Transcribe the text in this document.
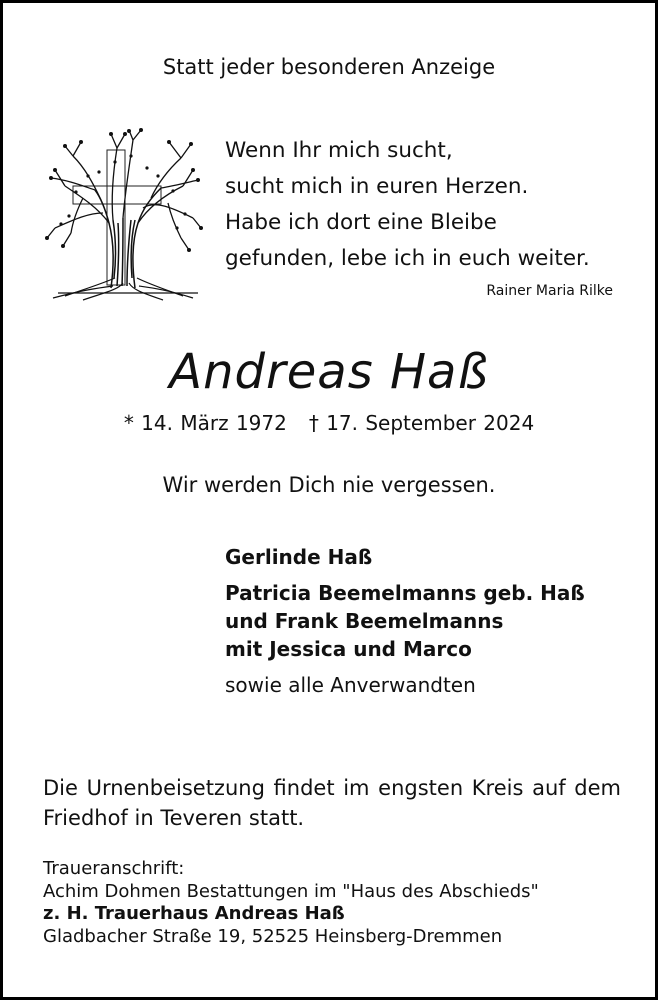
Statt jeder besonderen Anzeige
Wenn Ihr mich sucht,
sucht mich in euren Herzen.
Habe ich dort eine Bleibe
gefunden, lebe ich in euch weiter.
Rainer Maria Rilke
Andreas Haß
* 14. März 1972 † 17. September 2024
Wir werden Dich nie vergessen.
Gerlinde Haß
Patricia Beemelmanns geb. Haß
und Frank Beemelmanns
mit Jessica und Marco
sowie alle Anverwandten
Die Urnenbeisetzung findet im engsten Kreis auf dem Friedhof in Teveren statt.
Traueranschrift:
Achim Dohmen Bestattungen im "Haus des Abschieds"
z. H. Trauerhaus Andreas Haß
Gladbacher Straße 19, 52525 Heinsberg-Dremmen
